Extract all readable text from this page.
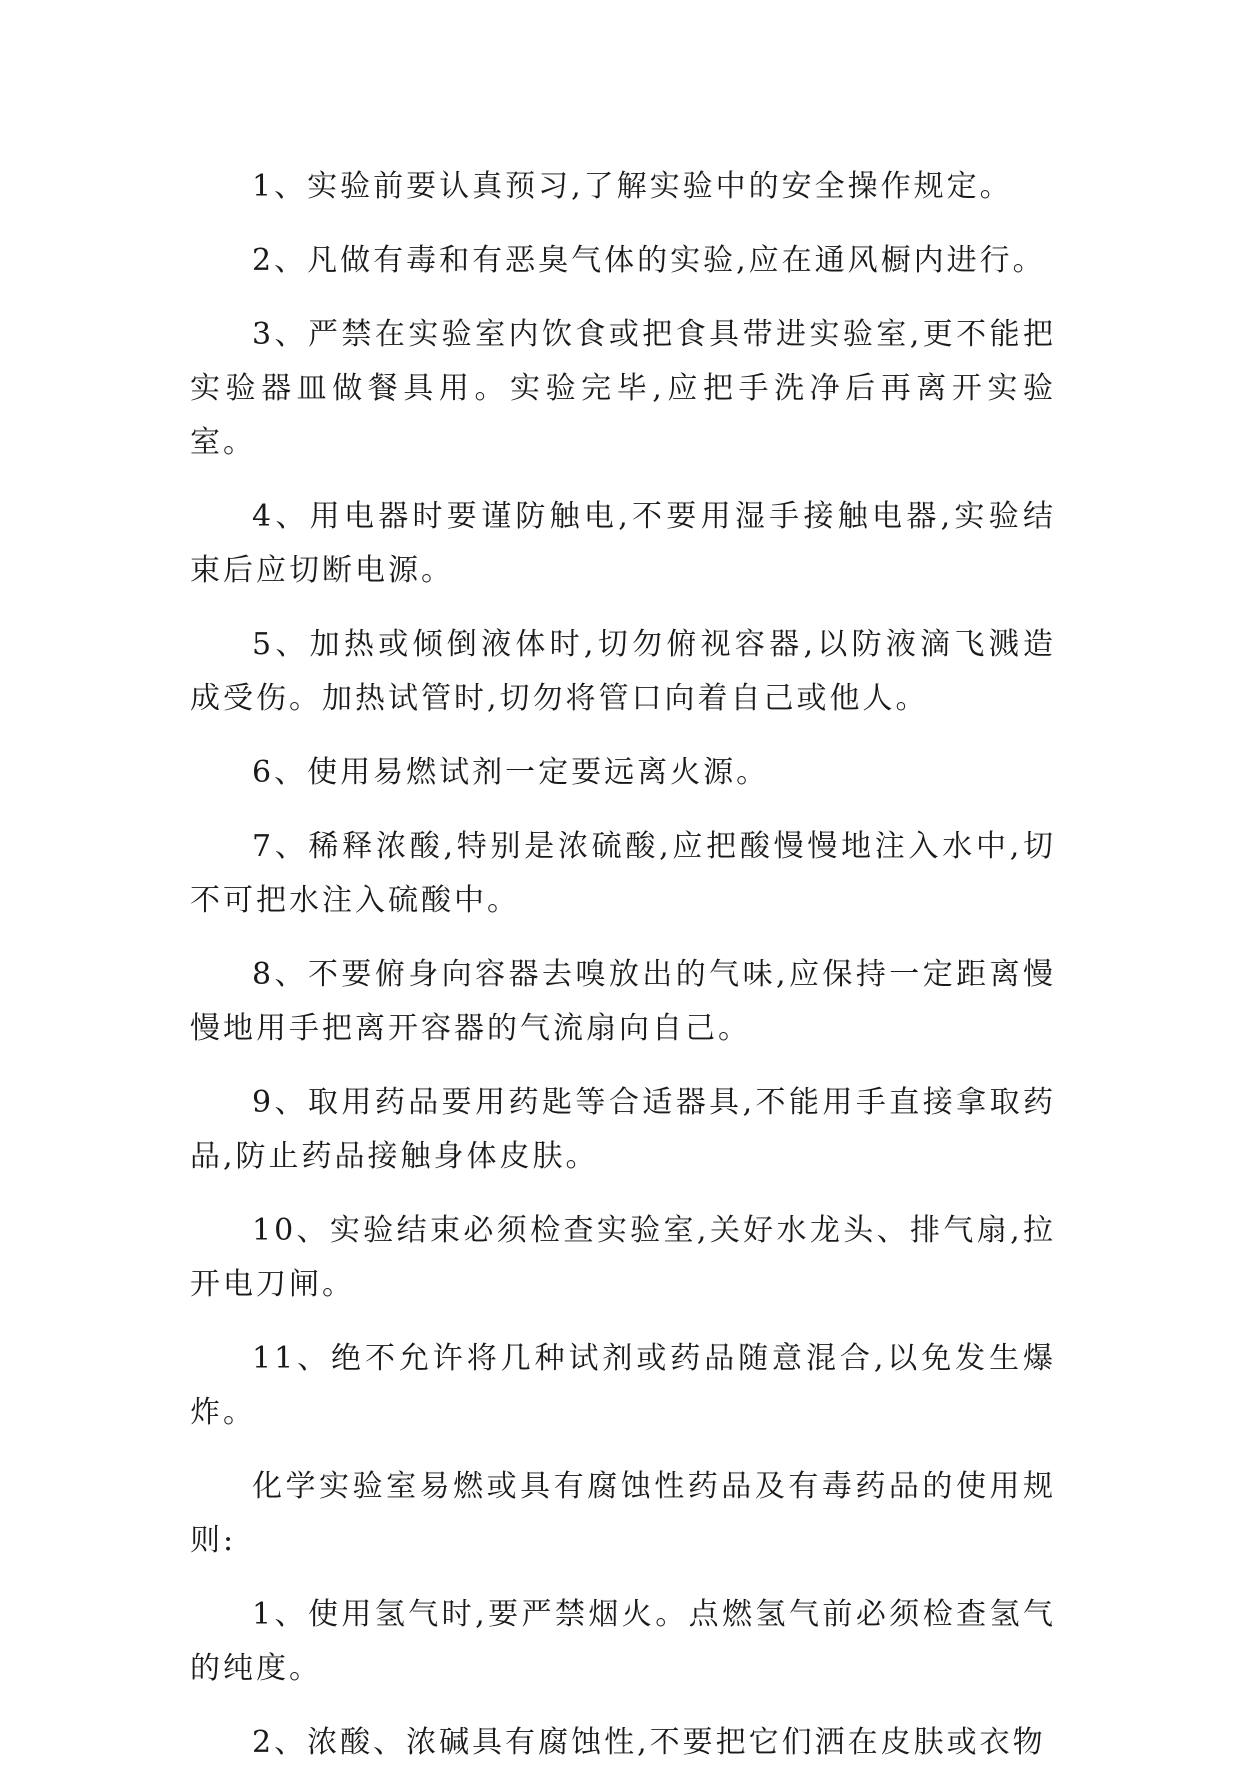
1、实验前要认真预习,了解实验中的安全操作规定。

2、凡做有毒和有恶臭气体的实验,应在通风橱内进行。

3、严禁在实验室内饮食或把食具带进实验室,更不能把实验器皿做餐具用。实验完毕,应把手洗净后再离开实验室。

4、用电器时要谨防触电,不要用湿手接触电器,实验结束后应切断电源。

5、加热或倾倒液体时,切勿俯视容器,以防液滴飞溅造成受伤。加热试管时,切勿将管口向着自己或他人。

6、使用易燃试剂一定要远离火源。

7、稀释浓酸,特别是浓硫酸,应把酸慢慢地注入水中,切不可把水注入硫酸中。

8、不要俯身向容器去嗅放出的气味,应保持一定距离慢慢地用手把离开容器的气流扇向自己。

9、取用药品要用药匙等合适器具,不能用手直接拿取药品,防止药品接触身体皮肤。

10、实验结束必须检查实验室,关好水龙头、排气扇,拉开电刀闸。

11、绝不允许将几种试剂或药品随意混合,以免发生爆炸。

化学实验室易燃或具有腐蚀性药品及有毒药品的使用规则:

1、使用氢气时,要严禁烟火。点燃氢气前必须检查氢气的纯度。

2、浓酸、浓碱具有腐蚀性,不要把它们洒在皮肤或衣物
